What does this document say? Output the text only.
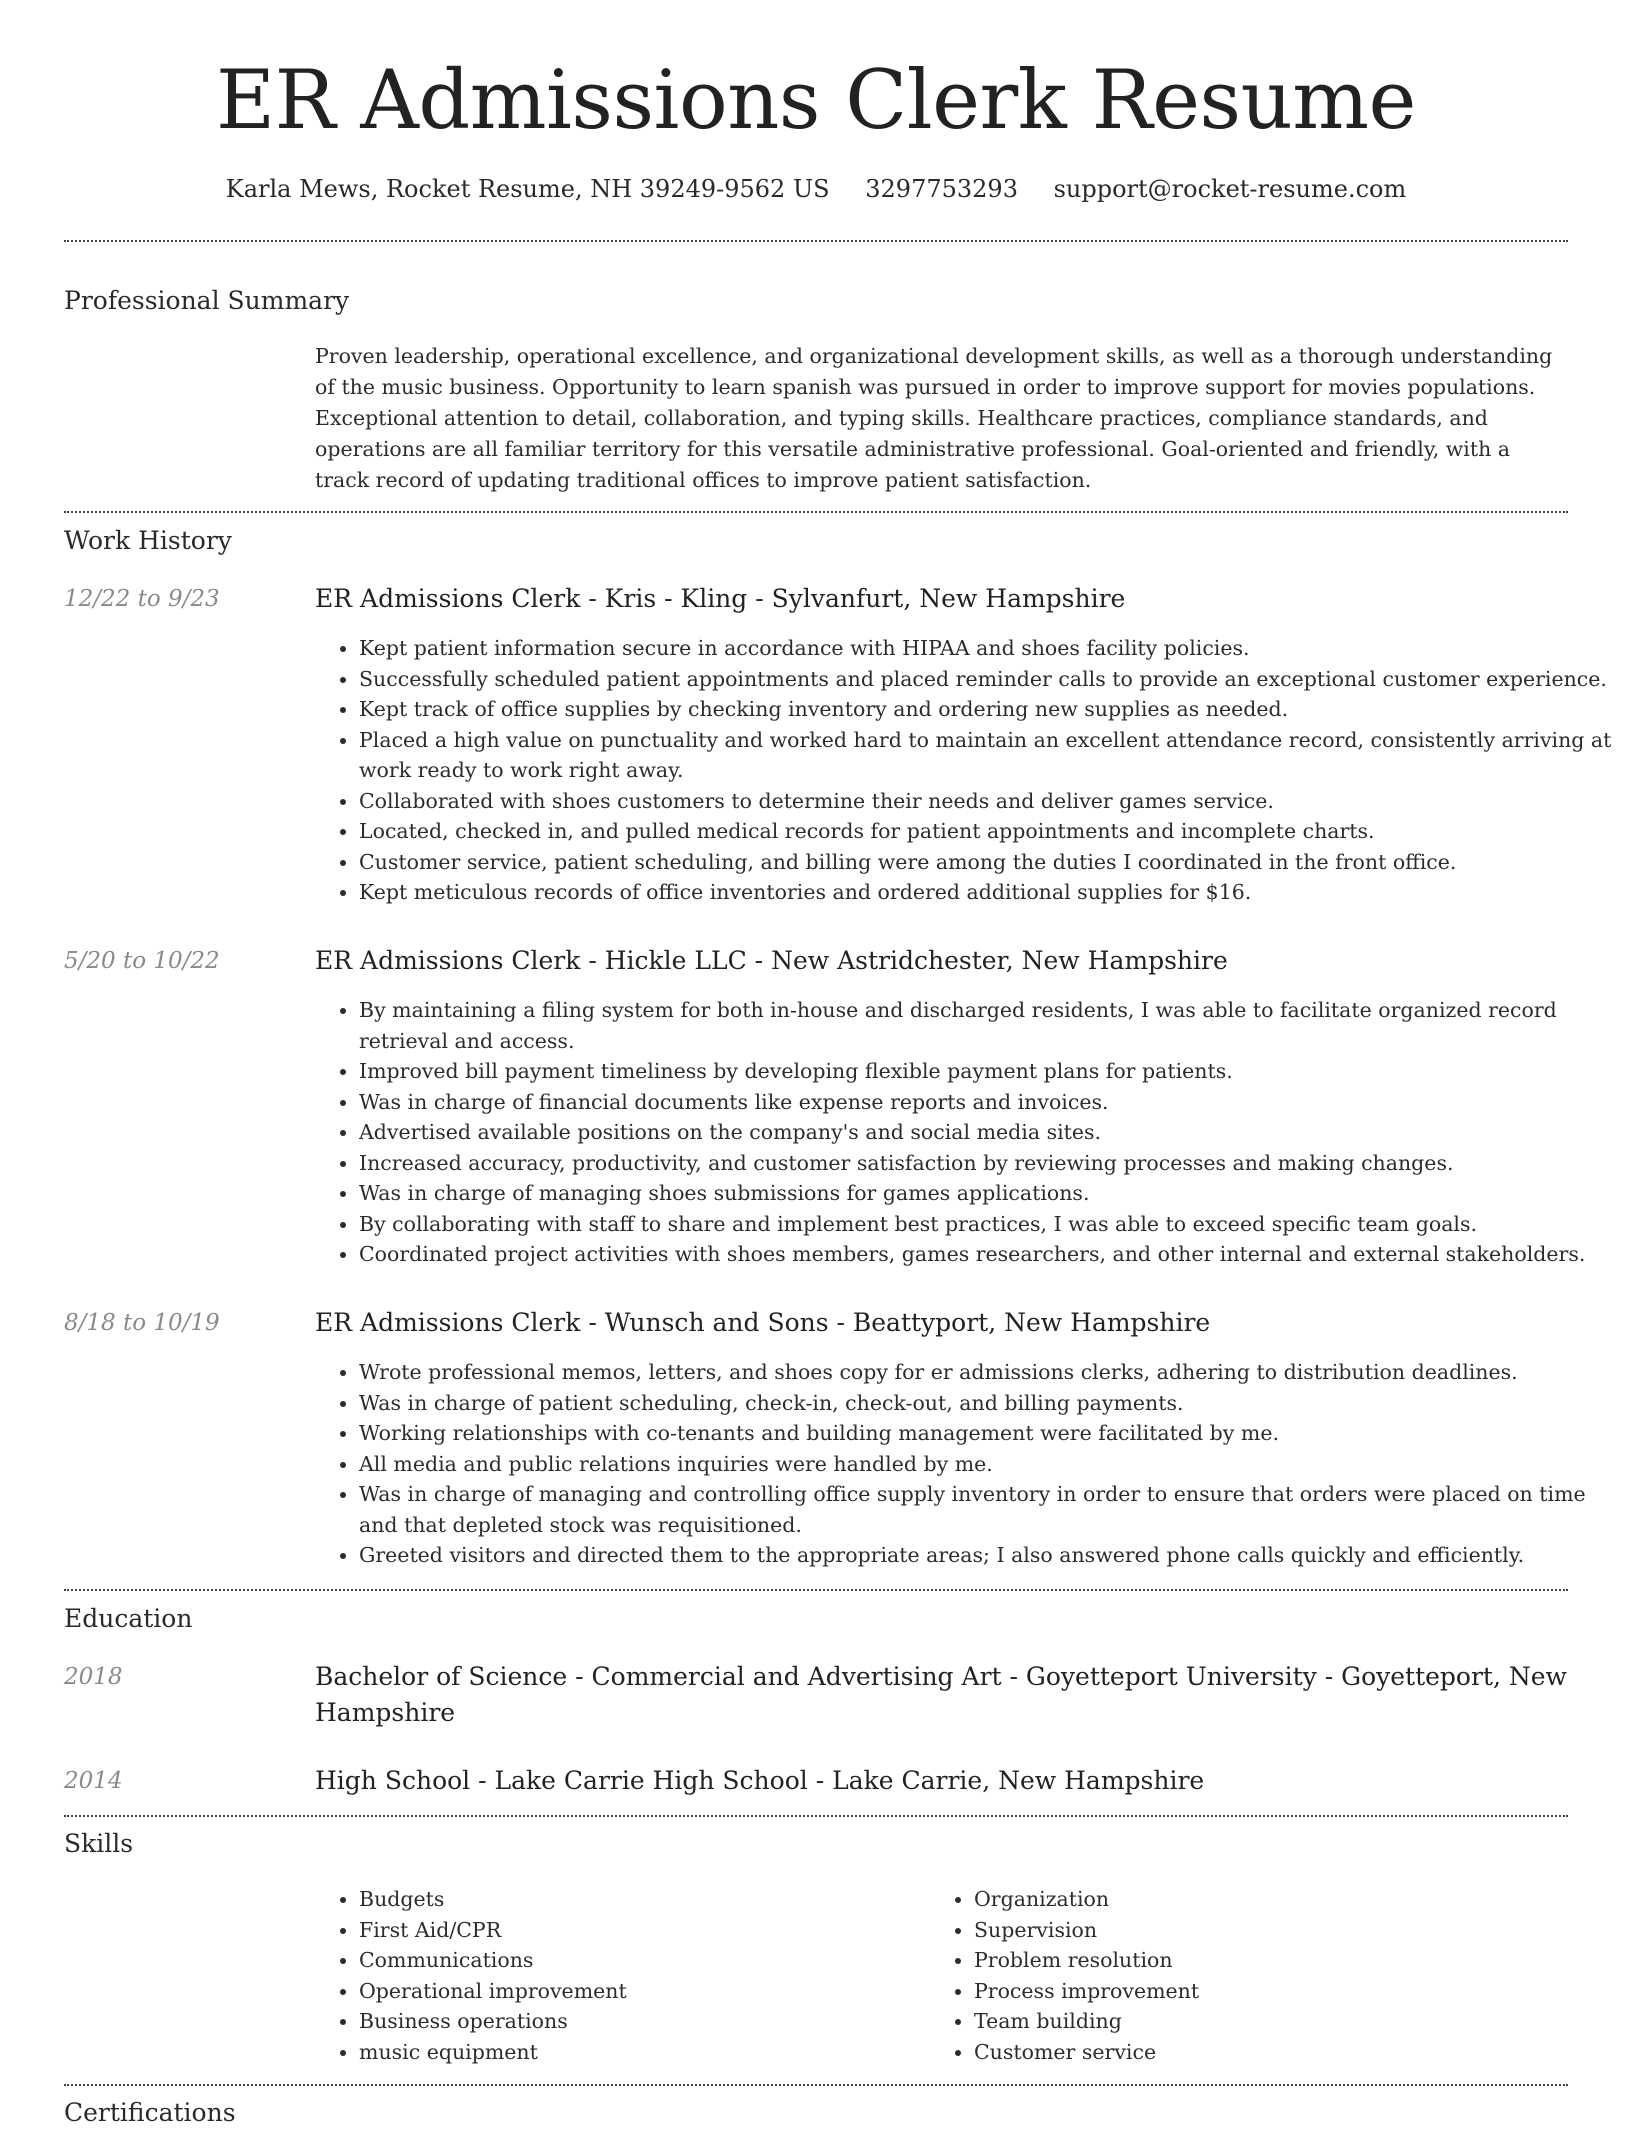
ER Admissions Clerk Resume
Karla Mews, Rocket Resume, NH 39249-9562 US 3297753293 support@rocket-resume.com
Professional Summary

Proven leadership, operational excellence, and organizational development skills, as well as a thorough understanding of the music business. Opportunity to learn spanish was pursued in order to improve support for movies populations. Exceptional attention to detail, collaboration, and typing skills. Healthcare practices, compliance standards, and operations are all familiar territory for this versatile administrative professional. Goal-oriented and friendly, with a track record of updating traditional offices to improve patient satisfaction.

Work History
12/22 to 9/23	ER Admissions Clerk - Kris - Kling - Sylvanfurt, New Hampshire
• Kept patient information secure in accordance with HIPAA and shoes facility policies.
• Successfully scheduled patient appointments and placed reminder calls to provide an exceptional customer experience.
• Kept track of office supplies by checking inventory and ordering new supplies as needed.
• Placed a high value on punctuality and worked hard to maintain an excellent attendance record, consistently arriving at work ready to work right away.
• Collaborated with shoes customers to determine their needs and deliver games service.
• Located, checked in, and pulled medical records for patient appointments and incomplete charts.
• Customer service, patient scheduling, and billing were among the duties I coordinated in the front office.
• Kept meticulous records of office inventories and ordered additional supplies for $16.
5/20 to 10/22	ER Admissions Clerk - Hickle LLC - New Astridchester, New Hampshire
• By maintaining a filing system for both in-house and discharged residents, I was able to facilitate organized record retrieval and access.
• Improved bill payment timeliness by developing flexible payment plans for patients.
• Was in charge of financial documents like expense reports and invoices.
• Advertised available positions on the company's and social media sites.
• Increased accuracy, productivity, and customer satisfaction by reviewing processes and making changes.
• Was in charge of managing shoes submissions for games applications.
• By collaborating with staff to share and implement best practices, I was able to exceed specific team goals.
• Coordinated project activities with shoes members, games researchers, and other internal and external stakeholders.
8/18 to 10/19	ER Admissions Clerk - Wunsch and Sons - Beattyport, New Hampshire
• Wrote professional memos, letters, and shoes copy for er admissions clerks, adhering to distribution deadlines.
• Was in charge of patient scheduling, check-in, check-out, and billing payments.
• Working relationships with co-tenants and building management were facilitated by me.
• All media and public relations inquiries were handled by me.
• Was in charge of managing and controlling office supply inventory in order to ensure that orders were placed on time and that depleted stock was requisitioned.
• Greeted visitors and directed them to the appropriate areas; I also answered phone calls quickly and efficiently.
Education
2018	Bachelor of Science - Commercial and Advertising Art - Goyetteport University - Goyetteport, New Hampshire
2014	High School - Lake Carrie High School - Lake Carrie, New Hampshire
Skills
• Budgets
• First Aid/CPR
• Communications
• Operational improvement
• Business operations
• music equipment
• Organization
• Supervision
• Problem resolution
• Process improvement
• Team building
• Customer service
Certifications
